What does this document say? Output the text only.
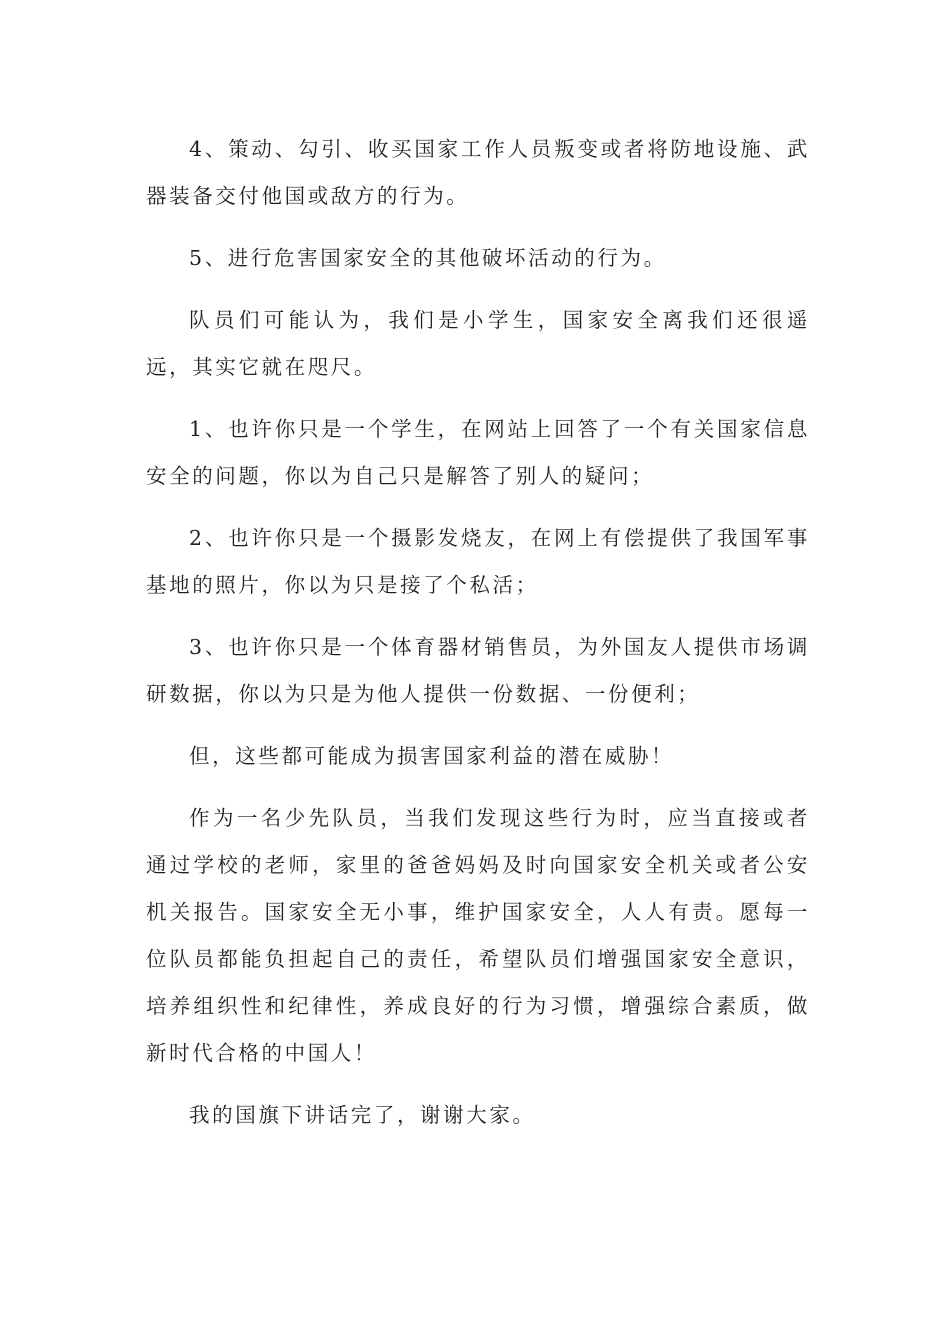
4、策动、勾引、收买国家工作人员叛变或者将防地设施、武器装备交付他国或敌方的行为。

5、进行危害国家安全的其他破坏活动的行为。

队员们可能认为，我们是小学生，国家安全离我们还很遥远，其实它就在咫尺。

1、也许你只是一个学生，在网站上回答了一个有关国家信息安全的问题，你以为自己只是解答了别人的疑问；

2、也许你只是一个摄影发烧友，在网上有偿提供了我国军事基地的照片，你以为只是接了个私活；

3、也许你只是一个体育器材销售员，为外国友人提供市场调研数据，你以为只是为他人提供一份数据、一份便利；

但，这些都可能成为损害国家利益的潜在威胁！

作为一名少先队员，当我们发现这些行为时，应当直接或者通过学校的老师，家里的爸爸妈妈及时向国家安全机关或者公安机关报告。国家安全无小事，维护国家安全，人人有责。愿每一位队员都能负担起自己的责任，希望队员们增强国家安全意识，培养组织性和纪律性，养成良好的行为习惯，增强综合素质，做新时代合格的中国人！

我的国旗下讲话完了，谢谢大家。
